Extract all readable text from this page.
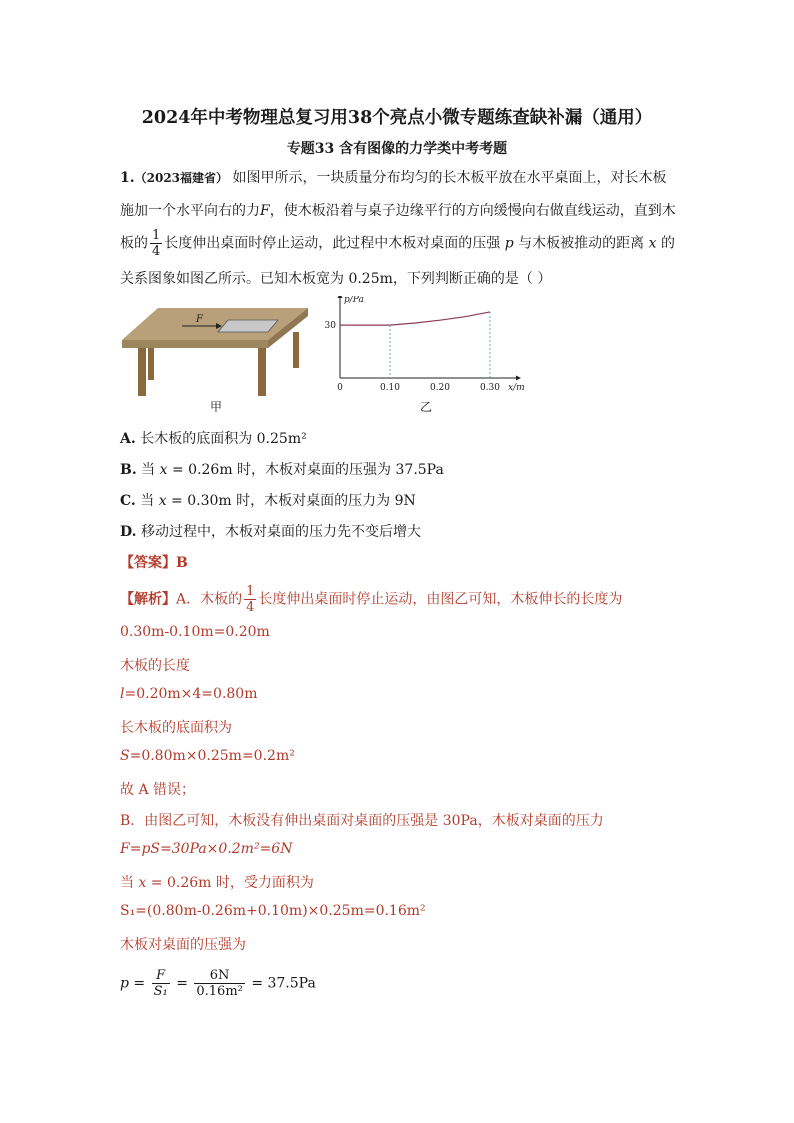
2024年中考物理总复习用38个亮点小微专题练查缺补漏（通用）
专题33 含有图像的力学类中考考题
1.（2023福建省） 如图甲所示，一块质量分布均匀的长木板平放在水平桌面上，对长木板
施加一个水平向右的力F，使木板沿着与桌子边缘平行的方向缓慢向右做直线运动，直到木
板的 $\frac{1}{4}$ 长度伸出桌面时停止运动，此过程中木板对桌面的压强 p 与木板被推动的距离 x 的
关系图象如图乙所示。已知木板宽为 0.25m，下列判断正确的是（ ）
F
甲
p/Pa
x/m
0	0.10	0.20	0.30
30
乙
A. 长木板的底面积为 0.25m²
B. 当 x = 0.26m 时，木板对桌面的压强为 37.5Pa
C. 当 x = 0.30m 时，木板对桌面的压力为 9N
D. 移动过程中，木板对桌面的压力先不变后增大
【答案】B
【解析】A．木板的 $\frac{1}{4}$ 长度伸出桌面时停止运动，由图乙可知，木板伸长的长度为
0.30m-0.10m=0.20m
木板的长度
l=0.20m×4=0.80m
长木板的底面积为
S=0.80m×0.25m=0.2m²
故 A 错误；
B．由图乙可知，木板没有伸出桌面对桌面的压强是 30Pa，木板对桌面的压力
F=pS=30Pa×0.2m²=6N
当 x = 0.26m 时，受力面积为
S₁=(0.80m-0.26m+0.10m)×0.25m=0.16m²
木板对桌面的压强为
$p = \frac{F}{\text{S₁}} = \frac{6N}{\text{0.16m²}} = 37.5Pa$
